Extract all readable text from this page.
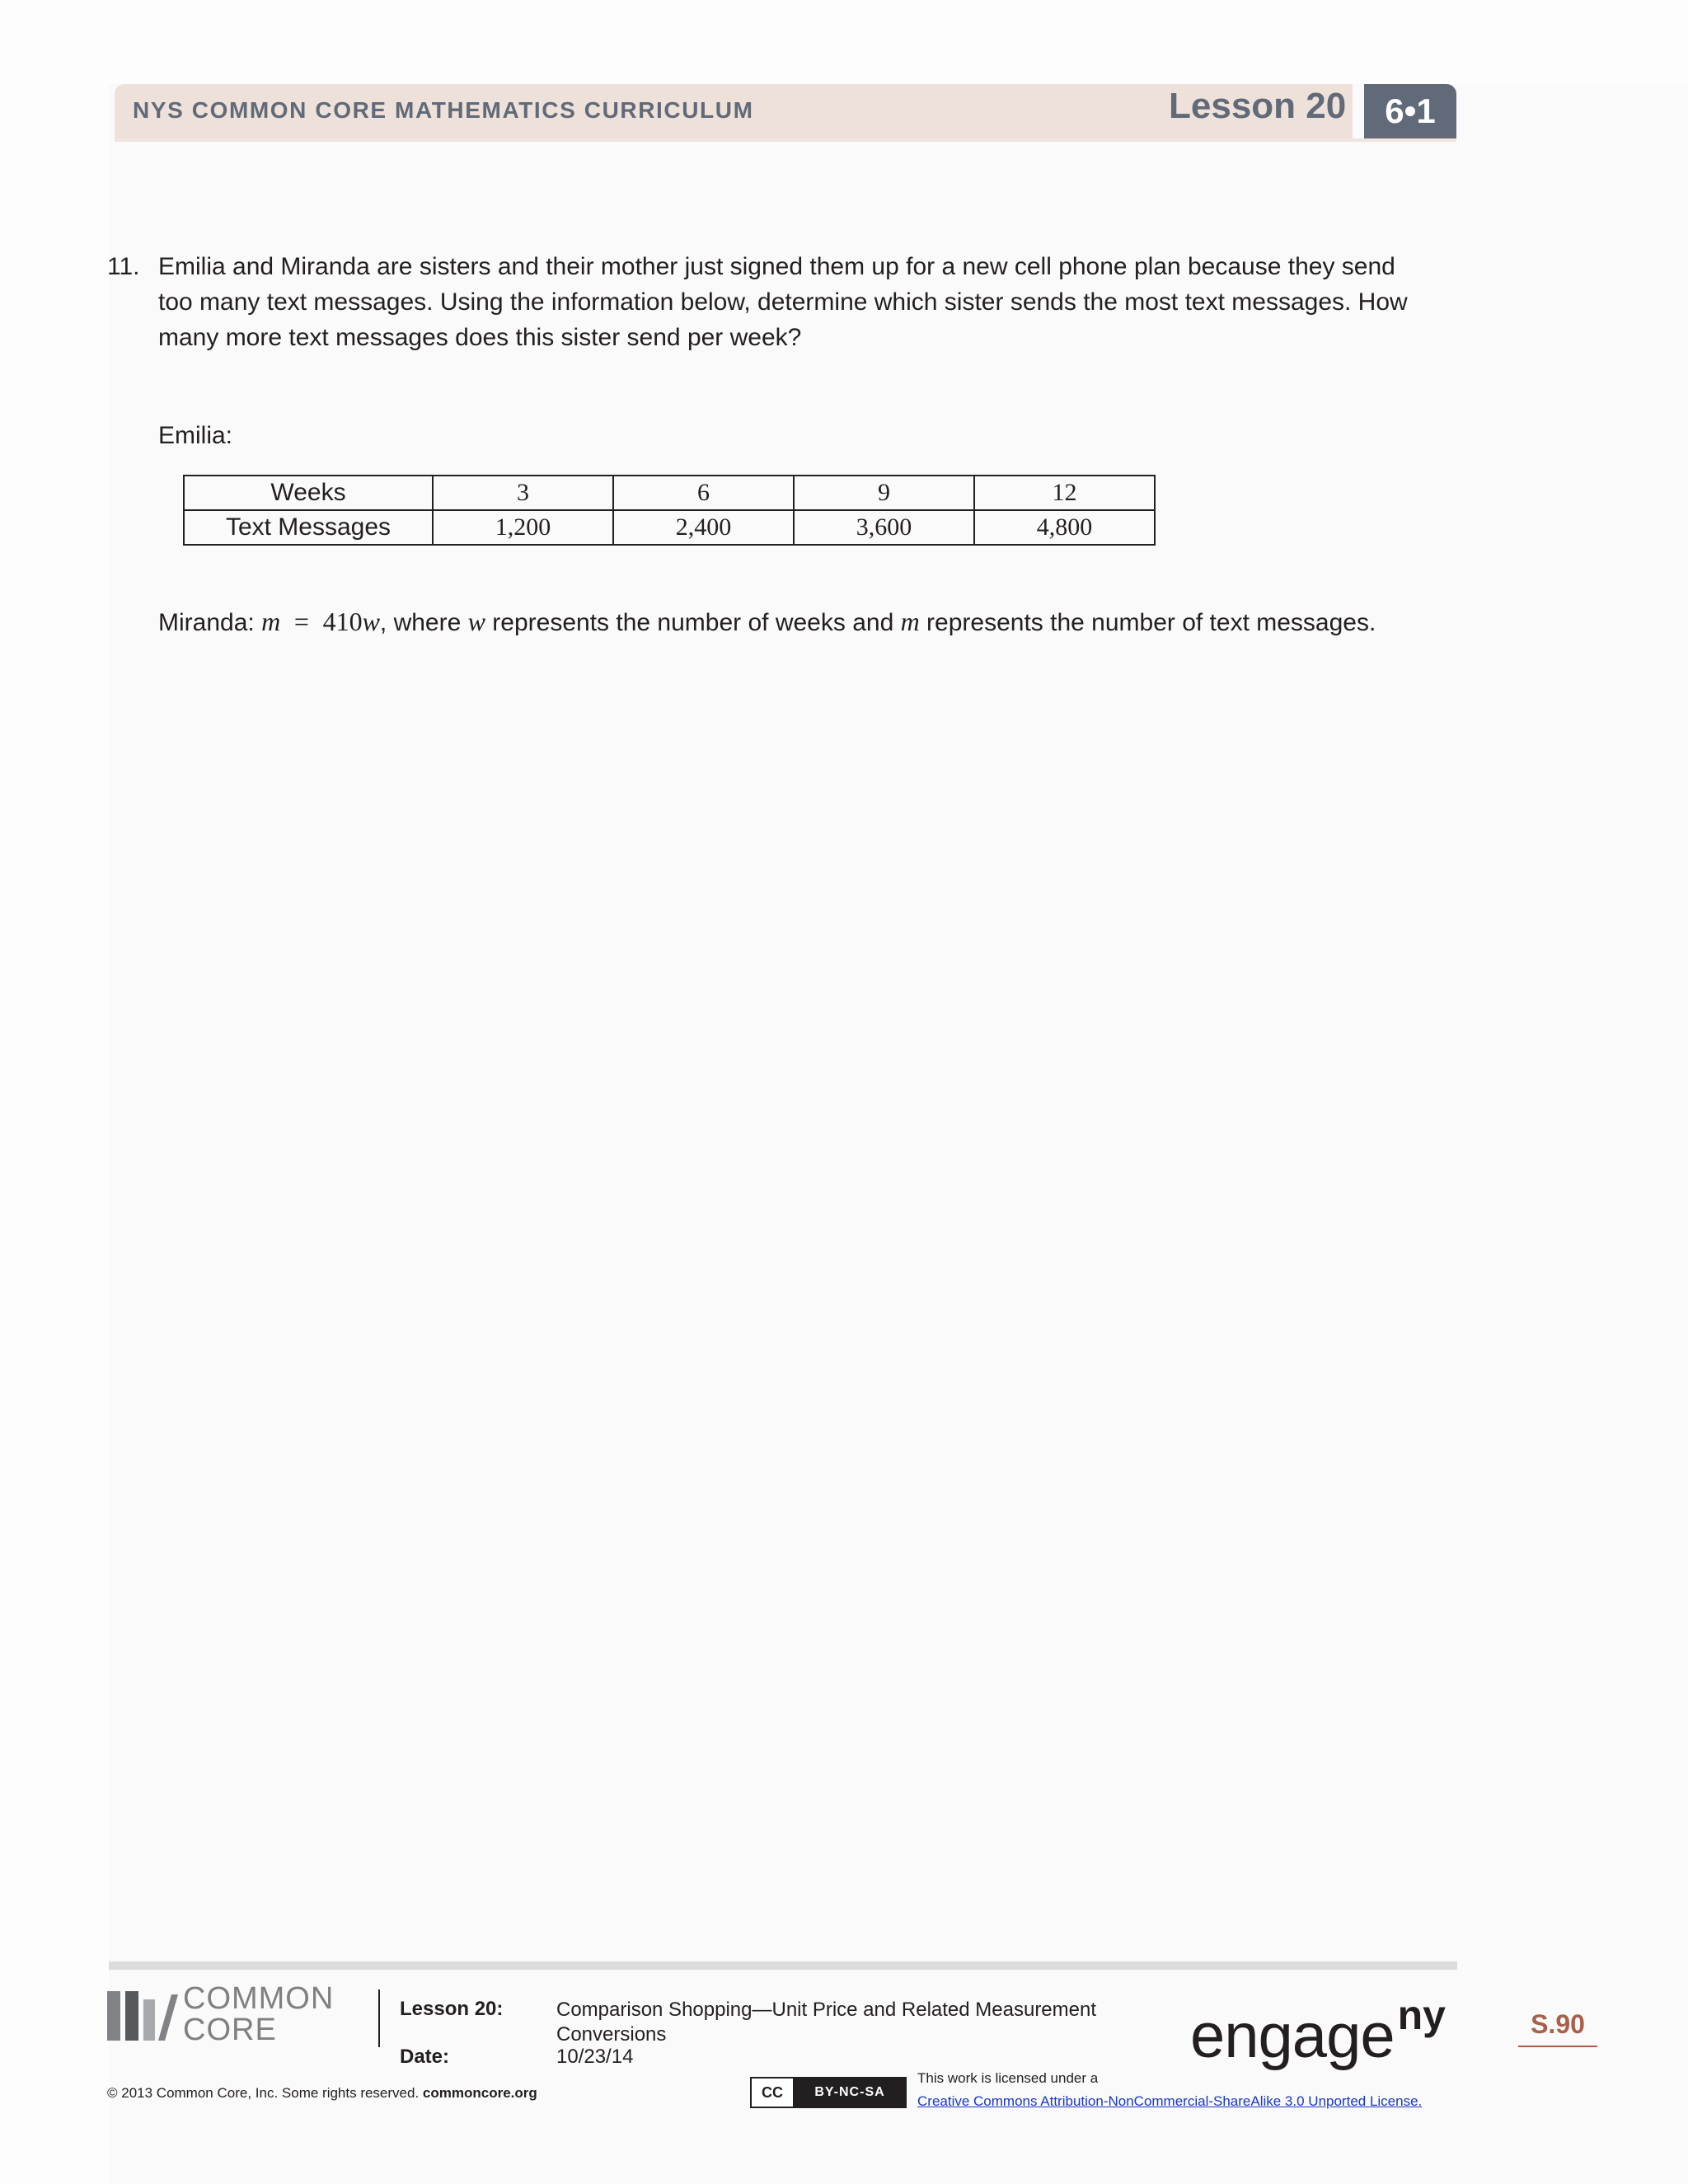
NYS COMMON CORE MATHEMATICS CURRICULUM	Lesson 20	6•1
11. Emilia and Miranda are sisters and their mother just signed them up for a new cell phone plan because they send
too many text messages. Using the information below, determine which sister sends the most text messages. How
many more text messages does this sister send per week?
Emilia:
Weeks	3	6	9	12
Text Messages	1,200	2,400	3,600	4,800
Miranda: m = 410w, where w represents the number of weeks and m represents the number of text messages.
COMMON
CORE
Lesson 20:	Comparison Shopping—Unit Price and Related Measurement Conversions
Date:	10/23/14	engage$^{ny}$	S.90
© 2013 Common Core, Inc. Some rights reserved. commoncore.org	CC	BY-NC-SA
This work is licensed under a
Creative Commons Attribution-NonCommercial-ShareAlike 3.0 Unported License.
